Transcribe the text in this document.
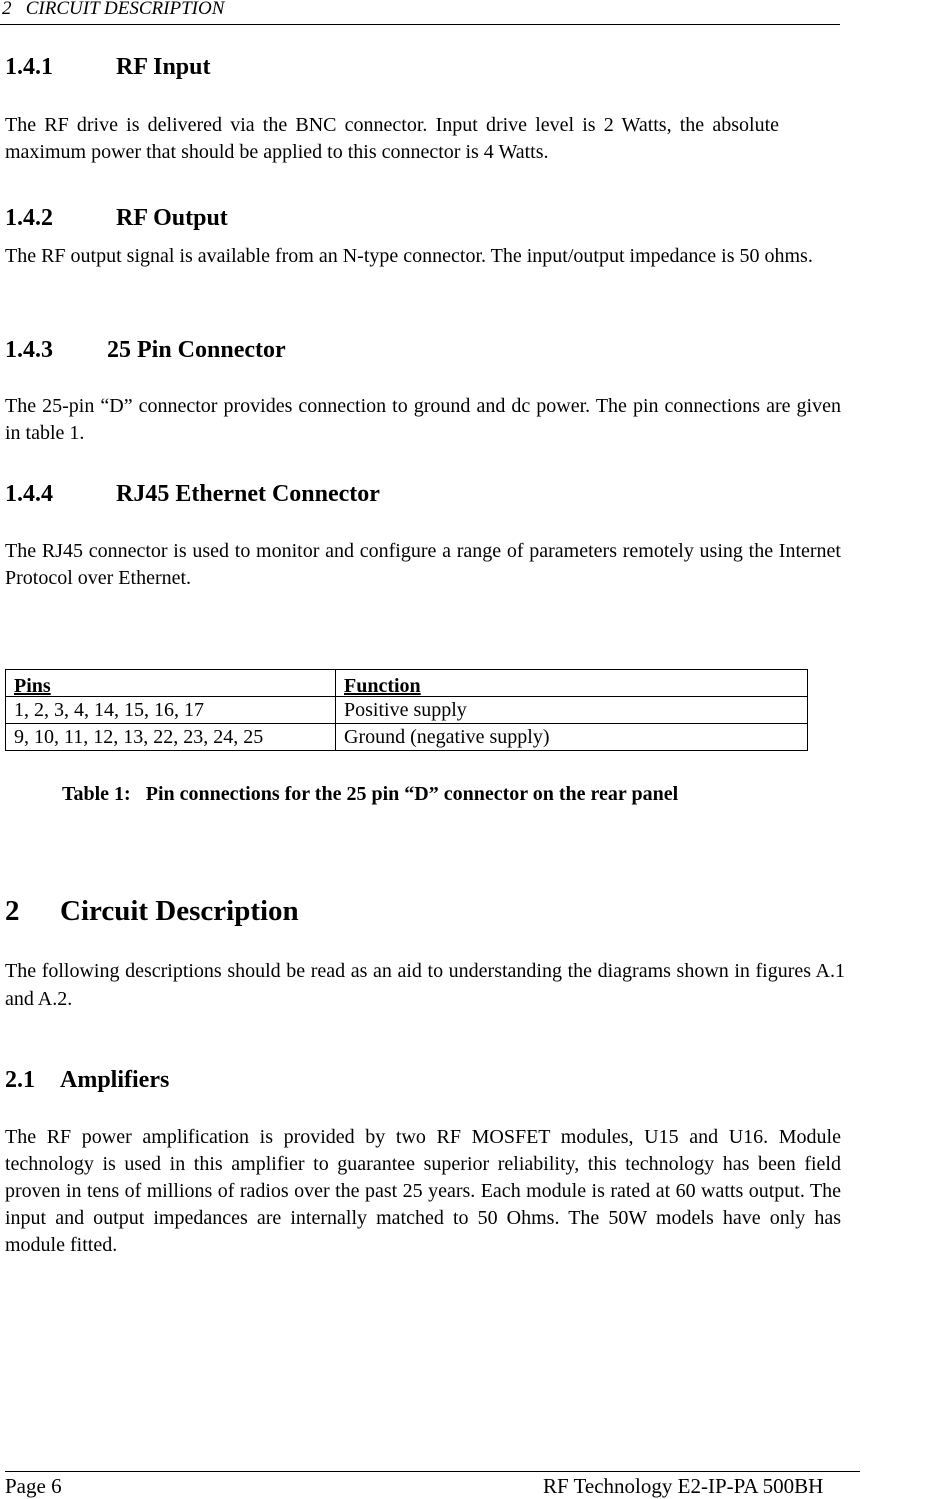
2   CIRCUIT DESCRIPTION
1.4.1	RF Input
The RF drive is delivered via the BNC connector. Input drive level is 2 Watts, the absolute maximum power that should be applied to this connector is 4 Watts.
1.4.2	RF Output
The RF output signal is available from an N-type connector. The input/output impedance is 50 ohms.
1.4.3 25 Pin Connector
The 25-pin “D” connector provides connection to ground and dc power. The pin connections are given in table 1.
1.4.4	RJ45 Ethernet Connector
The RJ45 connector is used to monitor and configure a range of parameters remotely using the Internet Protocol over Ethernet.
Pins	Function
1, 2, 3, 4, 14, 15, 16, 17	Positive supply
9, 10, 11, 12, 13, 22, 23, 24, 25	Ground (negative supply)
Table 1:   Pin connections for the 25 pin “D” connector on the rear panel
2 Circuit Description
The following descriptions should be read as an aid to understanding the diagrams shown in figures A.1 and A.2.
2.1 Amplifiers
The RF power amplification is provided by two RF MOSFET modules, U15 and U16. Module technology is used in this amplifier to guarantee superior reliability, this technology has been field proven in tens of millions of radios over the past 25 years. Each module is rated at 60 watts output. The input and output impedances are internally matched to 50 Ohms. The 50W models have only has module fitted.
Page 6	RF Technology E2-IP-PA 500BH
